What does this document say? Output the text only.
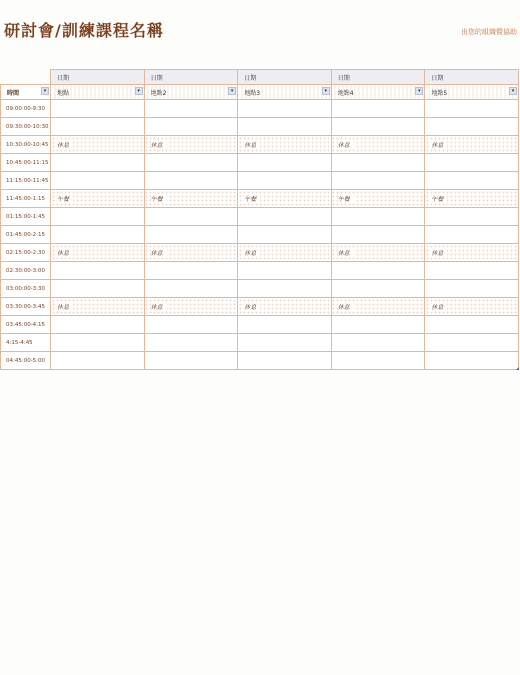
研討會/訓練課程名稱	由您的組織暨協助
	日期	日期	日期	日期	日期
時間 ▾	地點 ▾	地點2 ▾	地點3 ▾	地點4 ▾	地點5 ▾

09:00:00-9:30					
09:30:00-10:30					
10:30:00-10:45	休息	休息	休息	休息	休息
10:45:00-11:15					
11:15:00-11:45					
11:45:00-1:15	午餐	午餐	午餐	午餐	午餐
01:15:00-1:45					
01:45:00-2:15					
02:15:00-2:30	休息	休息	休息	休息	休息
02:30:00-3:00					
03:00:00-3:30					
03:30:00-3:45	休息	休息	休息	休息	休息
03:45:00-4:15					
4:15-4:45					
04:45:00-5:00					
